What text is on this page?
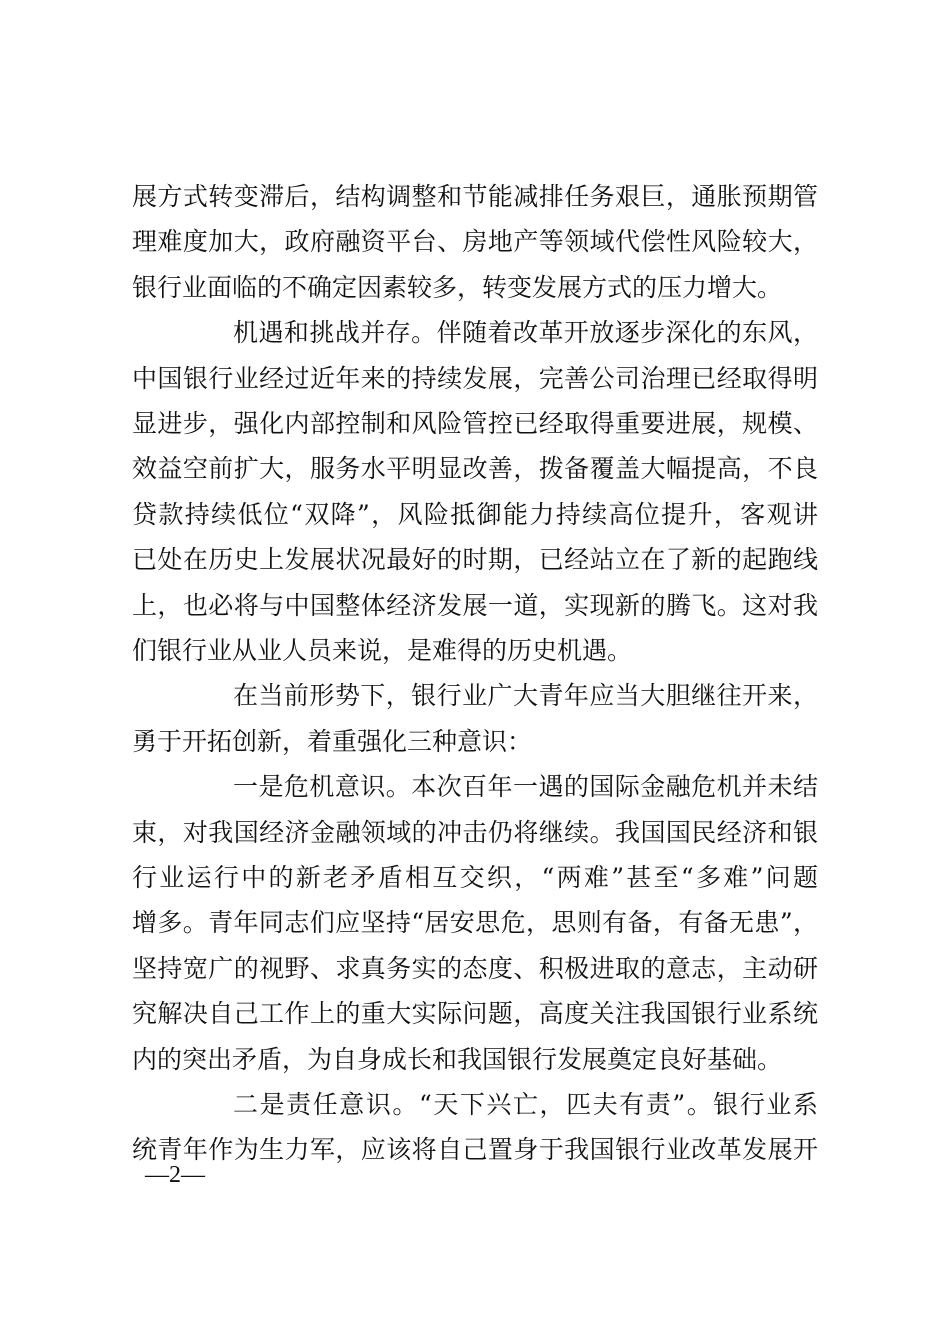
—2—
展方式转变滞后，结构调整和节能减排任务艰巨，通胀预期管
理难度加大，政府融资平台、房地产等领域代偿性风险较大，
银行业面临的不确定因素较多，转变发展方式的压力增大。
机遇和挑战并存。伴随着改革开放逐步深化的东风，
中国银行业经过近年来的持续发展，完善公司治理已经取得明
显进步，强化内部控制和风险管控已经取得重要进展，规模、
效益空前扩大，服务水平明显改善，拨备覆盖大幅提高，不良
贷款持续低位“双降”，风险抵御能力持续高位提升，客观讲
已处在历史上发展状况最好的时期，已经站立在了新的起跑线
上，也必将与中国整体经济发展一道，实现新的腾飞。这对我
们银行业从业人员来说，是难得的历史机遇。
在当前形势下，银行业广大青年应当大胆继往开来，
勇于开拓创新，着重强化三种意识：
一是危机意识。本次百年一遇的国际金融危机并未结
束，对我国经济金融领域的冲击仍将继续。我国国民经济和银
行业运行中的新老矛盾相互交织，“两难”甚至“多难”问题
增多。青年同志们应坚持“居安思危，思则有备，有备无患”，
坚持宽广的视野、求真务实的态度、积极进取的意志，主动研
究解决自己工作上的重大实际问题，高度关注我国银行业系统
内的突出矛盾，为自身成长和我国银行发展奠定良好基础。
二是责任意识。“天下兴亡，匹夫有责”。银行业系
统青年作为生力军，应该将自己置身于我国银行业改革发展开
